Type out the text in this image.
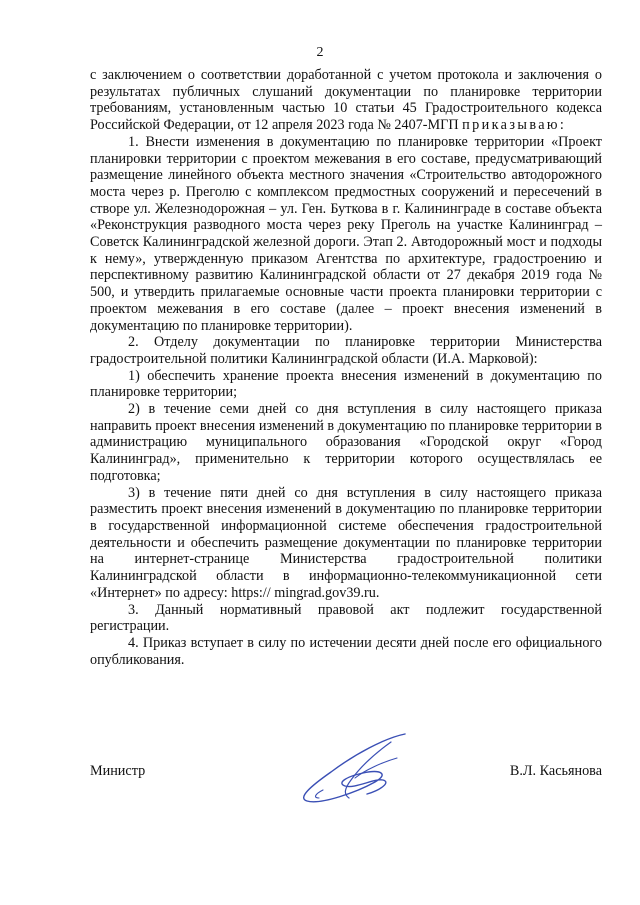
2

с заключением о соответствии доработанной с учетом протокола и заключения о результатах публичных слушаний документации по планировке территории требованиям, установленным частью 10 статьи 45 Градостроительного кодекса Российской Федерации, от 12 апреля 2023 года № 2407-МГП приказываю:

1. Внести изменения в документацию по планировке территории «Проект планировки территории с проектом межевания в его составе, предусматривающий размещение линейного объекта местного значения «Строительство автодорожного моста через р. Преголю с комплексом предмостных сооружений и пересечений в створе ул. Железнодорожная – ул. Ген. Буткова в г. Калининграде в составе объекта «Реконструкция разводного моста через реку Преголь на участке Калининград – Советск Калининградской железной дороги. Этап 2. Автодорожный мост и подходы к нему», утвержденную приказом Агентства по архитектуре, градостроению и перспективному развитию Калининградской области от 27 декабря 2019 года № 500, и утвердить прилагаемые основные части проекта планировки территории с проектом межевания в его составе (далее – проект внесения изменений в документацию по планировке территории).

2. Отделу документации по планировке территории Министерства градостроительной политики Калининградской области (И.А. Марковой):

1) обеспечить хранение проекта внесения изменений в документацию по планировке территории;

2) в течение семи дней со дня вступления в силу настоящего приказа направить проект внесения изменений в документацию по планировке территории в администрацию муниципального образования «Городской округ «Город Калининград», применительно к территории которого осуществлялась ее подготовка;

3) в течение пяти дней со дня вступления в силу настоящего приказа разместить проект внесения изменений в документацию по планировке территории в государственной информационной системе обеспечения градостроительной деятельности и обеспечить размещение документации по планировке территории на интернет-странице Министерства градостроительной политики Калининградской области в информационно-телекоммуникационной сети «Интернет» по адресу: https:// mingrad.gov39.ru.

3. Данный нормативный правовой акт подлежит государственной регистрации.

4. Приказ вступает в силу по истечении десяти дней после его официального опубликования.

Министр	В.Л. Касьянова
